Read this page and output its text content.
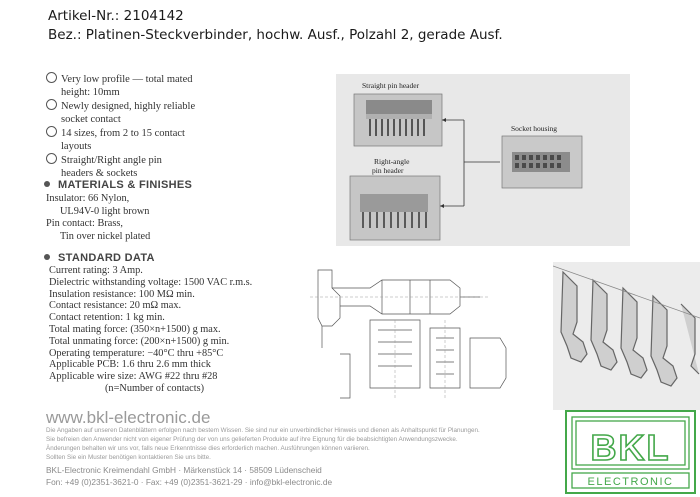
Artikel-Nr.: 2104142
Bez.: Platinen-Steckverbinder, hochw. Ausf., Polzahl 2, gerade Ausf.
Very low profile — total mated
height: 10mm
Newly designed, highly reliable
socket contact
14 sizes, from 2 to 15 contact
layouts
Straight/Right angle pin
headers & sockets
MATERIALS & FINISHES
Insulator: 66 Nylon,
UL94V-0 light brown
Pin contact: Brass,
Tin over nickel plated
STANDARD DATA
Current rating: 3 Amp.
Dielectric withstanding voltage: 1500 VAC r.m.s.
Insulation resistance: 100 MΩ min.
Contact resistance: 20 mΩ max.
Contact retention: 1 kg min.
Total mating force: (350×n+1500) g max.
Total unmating force: (200×n+1500) g min.
Operating temperature: −40°C thru +85°C
Applicable PCB: 1.6 thru 2.6 mm thick
Applicable wire size: AWG #22 thru #28
(n=Number of contacts)
Straight pin header
Right-angle
pin header
Socket housing
www.bkl-electronic.de
Die Angaben auf unseren Datenblättern erfolgen nach bestem Wissen. Sie sind nur ein unverbindlicher Hinweis und dienen als Anhaltspunkt für Planungen.
Sie befreien den Anwender nicht von eigener Prüfung der von uns gelieferten Produkte auf ihre Eignung für die beabsichtigten Anwendungszwecke.
Änderungen behalten wir uns vor, falls neue Erkenntnisse dies erforderlich machen. Ausführungen können variieren.
Sollten Sie ein Muster benötigen kontaktieren Sie uns bitte.
BKL-Electronic Kreimendahl GmbH · Märkenstück 14 · 58509 Lüdenscheid
Fon: +49 (0)2351-3621-0 · Fax: +49 (0)2351-3621-29 · info@bkl-electronic.de
BKL
ELECTRONIC
